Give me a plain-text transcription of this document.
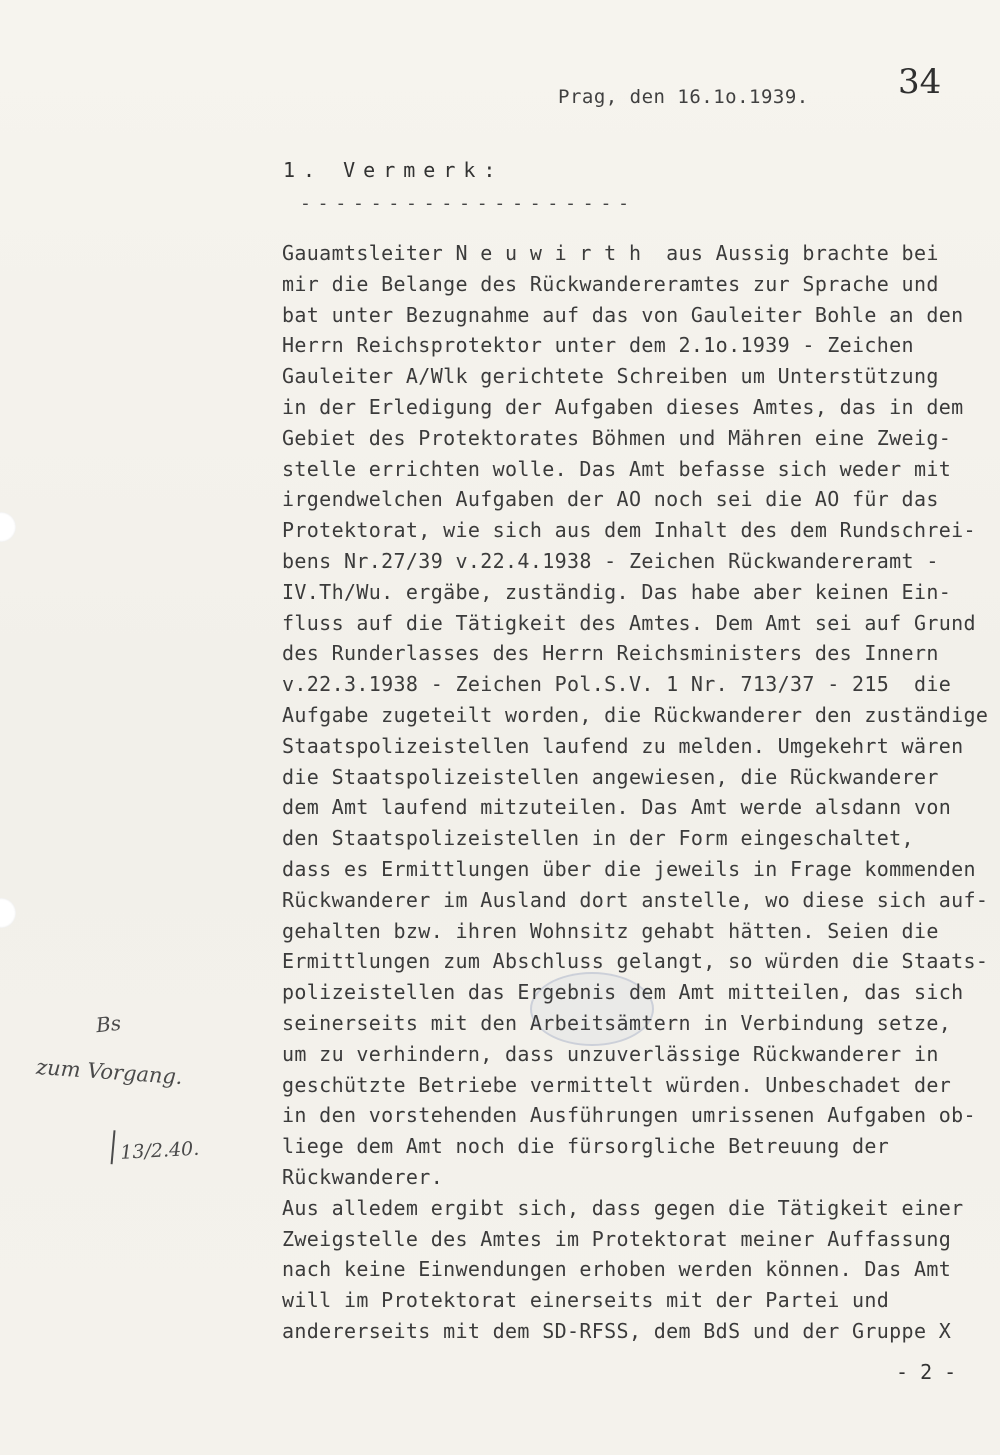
Prag, den 16.1o.1939.	34
1. Vermerk:
- - - - - - - - - - - - - - - - - - -
Gauamtsleiter N e u w i r t h  aus Aussig brachte bei
mir die Belange des Rückwandereramtes zur Sprache und
bat unter Bezugnahme auf das von Gauleiter Bohle an den
Herrn Reichsprotektor unter dem 2.1o.1939 - Zeichen
Gauleiter A/Wlk gerichtete Schreiben um Unterstützung
in der Erledigung der Aufgaben dieses Amtes, das in dem
Gebiet des Protektorates Böhmen und Mähren eine Zweig-
stelle errichten wolle. Das Amt befasse sich weder mit
irgendwelchen Aufgaben der AO noch sei die AO für das
Protektorat, wie sich aus dem Inhalt des dem Rundschrei-
bens Nr.27/39 v.22.4.1938 - Zeichen Rückwandereramt -
IV.Th/Wu. ergäbe, zuständig. Das habe aber keinen Ein-
fluss auf die Tätigkeit des Amtes. Dem Amt sei auf Grund
des Runderlasses des Herrn Reichsministers des Innern
v.22.3.1938 - Zeichen Pol.S.V. 1 Nr. 713/37 - 215  die
Aufgabe zugeteilt worden, die Rückwanderer den zuständige
Staatspolizeistellen laufend zu melden. Umgekehrt wären
die Staatspolizeistellen angewiesen, die Rückwanderer
dem Amt laufend mitzuteilen. Das Amt werde alsdann von
den Staatspolizeistellen in der Form eingeschaltet,
dass es Ermittlungen über die jeweils in Frage kommenden
Rückwanderer im Ausland dort anstelle, wo diese sich auf-
gehalten bzw. ihren Wohnsitz gehabt hätten. Seien die
Ermittlungen zum Abschluss gelangt, so würden die Staats-
polizeistellen das Ergebnis dem Amt mitteilen, das sich
seinerseits mit den Arbeitsämtern in Verbindung setze,
um zu verhindern, dass unzuverlässige Rückwanderer in
geschützte Betriebe vermittelt würden. Unbeschadet der
in den vorstehenden Ausführungen umrissenen Aufgaben ob-
liege dem Amt noch die fürsorgliche Betreuung der
Rückwanderer.
Aus alledem ergibt sich, dass gegen die Tätigkeit einer
Zweigstelle des Amtes im Protektorat meiner Auffassung
nach keine Einwendungen erhoben werden können. Das Amt
will im Protektorat einerseits mit der Partei und
andererseits mit dem SD-RFSS, dem BdS und der Gruppe X
- 2 -
Bs
zum Vorgang.
13/2.40.
